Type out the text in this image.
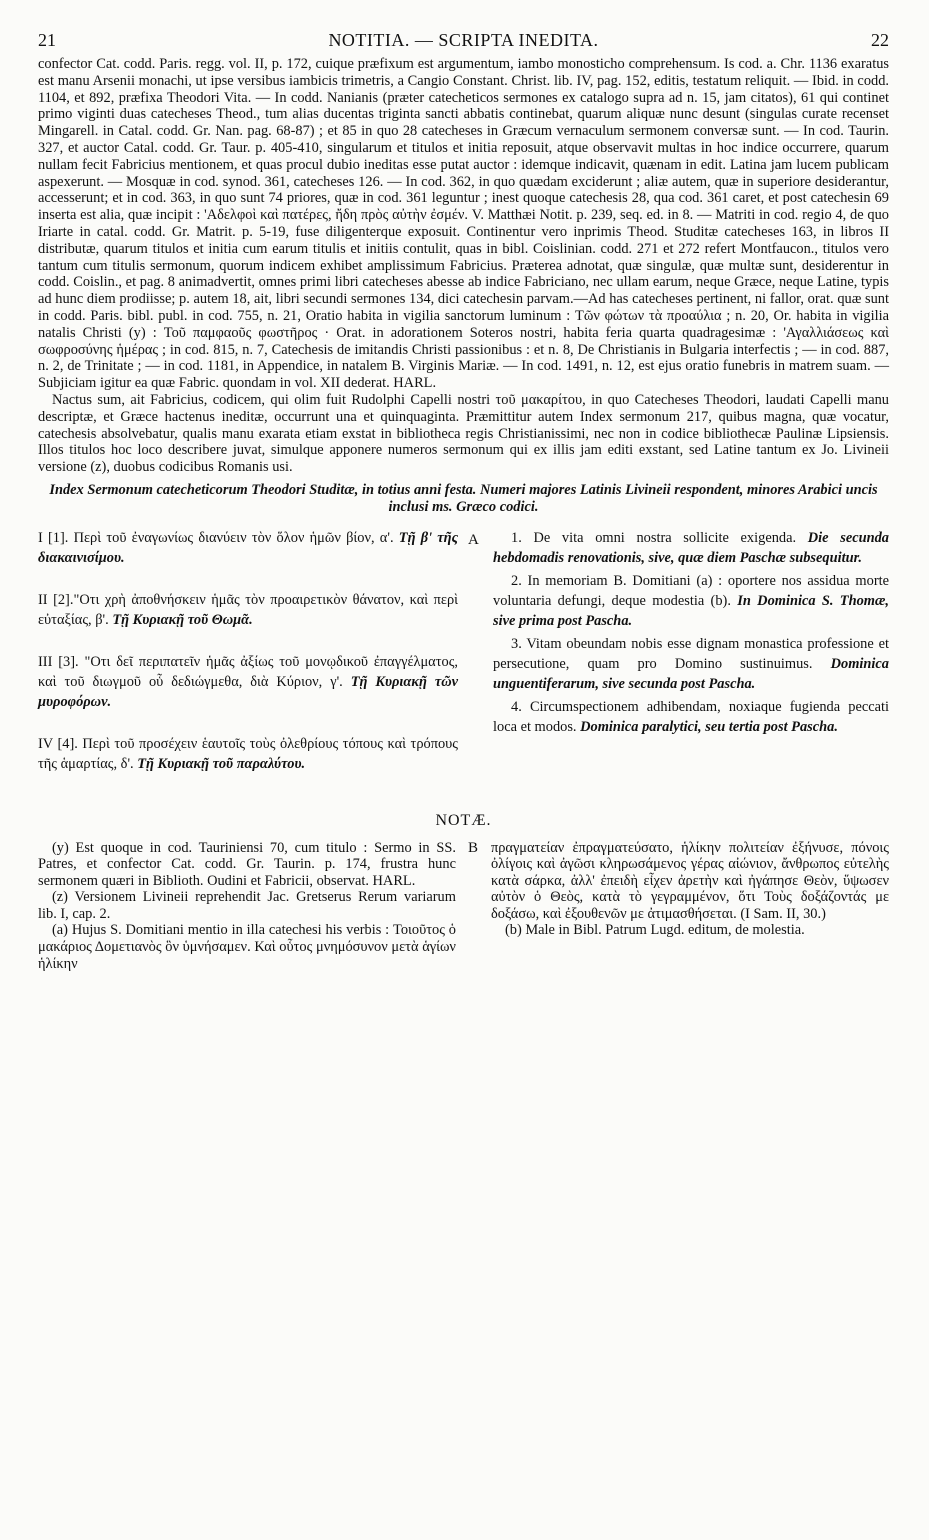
21	NOTITIA. — SCRIPTA INEDITA.	22

confector Cat. codd. Paris. regg. vol. II, p. 172, cuique præfixum est argumentum, iambo monosticho comprehensum. Is cod. a. Chr. 1136 exaratus est manu Arsenii monachi, ut ipse versibus iambicis trimetris, a Cangio Constant. Christ. lib. IV, pag. 152, editis, testatum reliquit. — Ibid. in codd. 1104, et 892, præfixa Theodori Vita. — In codd. Nanianis (præter catecheticos sermones ex catalogo supra ad n. 15, jam citatos), 61 qui continet primo viginti duas catecheses Theod., tum alias ducentas triginta sancti abbatis continebat, quarum aliquæ nunc desunt (singulas curate recenset Mingarell. in Catal. codd. Gr. Nan. pag. 68-87) ; et 85 in quo 28 catecheses in Græcum vernaculum sermonem conversæ sunt. — In cod. Taurin. 327, et auctor Catal. codd. Gr. Taur. p. 405-410, singularum et titulos et initia reposuit, atque observavit multas in hoc indice occurrere, quarum nullam fecit Fabricius mentionem, et quas procul dubio ineditas esse putat auctor : idemque indicavit, quænam in edit. Latina jam lucem publicam aspexerunt. — Mosquæ in cod. synod. 361, catecheses 126. — In cod. 362, in quo quædam exciderunt ; aliæ autem, quæ in superiore desiderantur, accesserunt; et in cod. 363, in quo sunt 74 priores, quæ in cod. 361 leguntur ; inest quoque catechesis 28, qua cod. 361 caret, et post catechesin 69 inserta est alia, quæ incipit : 'Αδελφοὶ καὶ πατέρες, ἤδη πρὸς αὐτὴν ἐσμέν. V. Matthæi Notit. p. 239, seq. ed. in 8. — Matriti in cod. regio 4, de quo Iriarte in catal. codd. Gr. Matrit. p. 5-19, fuse diligenterque exposuit. Continentur vero inprimis Theod. Studitæ catecheses 163, in libros II distributæ, quarum titulos et initia cum earum titulis et initiis contulit, quas in bibl. Coislinian. codd. 271 et 272 refert Montfaucon., titulos vero tantum cum titulis sermonum, quorum indicem exhibet amplissimum Fabricius. Præterea adnotat, quæ singulæ, quæ multæ sunt, desiderentur in codd. Coislin., et pag. 8 animadvertit, omnes primi libri catecheses abesse ab indice Fabriciano, nec ullam earum, neque Græce, neque Latine, typis ad hunc diem prodiisse; p. autem 18, ait, libri secundi sermones 134, dici catechesin parvam.—Ad has catecheses pertinent, ni fallor, orat. quæ sunt in codd. Paris. bibl. publ. in cod. 755, n. 21, Oratio habita in vigilia sanctorum luminum : Τῶν φώτων τὰ προαύλια ; n. 20, Or. habita in vigilia natalis Christi (y) : Τοῦ παμφαοῦς φωστῆρος · Orat. in adorationem Soteros nostri, habita feria quarta quadragesimæ : 'Αγαλλιάσεως καὶ σωφροσύνης ἡμέρας ; in cod. 815, n. 7, Catechesis de imitandis Christi passionibus : et n. 8, De Christianis in Bulgaria interfectis ; — in cod. 887, n. 2, de Trinitate ; — in cod. 1181, in Appendice, in natalem B. Virginis Mariæ. — In cod. 1491, n. 12, est ejus oratio funebris in matrem suam. — Subjiciam igitur ea quæ Fabric. quondam in vol. XII dederat. HARL.

Nactus sum, ait Fabricius, codicem, qui olim fuit Rudolphi Capelli nostri τοῦ μακαρίτου, in quo Catecheses Theodori, laudati Capelli manu descriptæ, et Græce hactenus ineditæ, occurrunt una et quinquaginta. Præmittitur autem Index sermonum 217, quibus magna, quæ vocatur, catechesis absolvebatur, qualis manu exarata etiam exstat in bibliotheca regis Christianissimi, nec non in codice bibliothecæ Paulinæ Lipsiensis. Illos titulos hoc loco describere juvat, simulque apponere numeros sermonum qui ex illis jam editi exstant, sed Latine tantum ex Jo. Livineii versione (z), duobus codicibus Romanis usi.

Index Sermonum catecheticorum Theodori Studitæ, in totius anni festa. Numeri majores Latinis Livineii respondent, minores Arabici uncis inclusi ms. Græco codici.
A

I [1]. Περὶ τοῦ ἐναγωνίως διανύειν τὸν ὅλον ἡμῶν βίον, α'. Τῇ β' τῆς διακαινισίμου.

II [2]."Οτι χρὴ ἀποθνήσκειν ἡμᾶς τὸν προαιρετικὸν θάνατον, καὶ περὶ εὐταξίας, β'. Τῇ Κυριακῇ τοῦ Θωμᾶ.

III [3]. "Οτι δεῖ περιπατεῖν ἡμᾶς ἀξίως τοῦ μονῳδικοῦ ἐπαγγέλματος, καὶ τοῦ διωγμοῦ οὗ δεδιώγμεθα, διὰ Κύριον, γ'. Τῇ Κυριακῇ τῶν μυροφόρων.

IV [4]. Περὶ τοῦ προσέχειν ἑαυτοῖς τοὺς ὀλεθρίους τόπους καὶ τρόπους τῆς ἁμαρτίας, δ'. Τῇ Κυριακῇ τοῦ παραλύτου.

1. De vita omni nostra sollicite exigenda. Die secunda hebdomadis renovationis, sive, quæ diem Paschæ subsequitur.

2. In memoriam B. Domitiani (a) : oportere nos assidua morte voluntaria defungi, deque modestia (b). In Dominica S. Thomæ, sive prima post Pascha.

3. Vitam obeundam nobis esse dignam monastica professione et persecutione, quam pro Domino sustinuimus. Dominica unguentiferarum, sive secunda post Pascha.

4. Circumspectionem adhibendam, noxiaque fugienda peccati loca et modos. Dominica paralytici, seu tertia post Pascha.

NOTÆ.
B

(y) Est quoque in cod. Tauriniensi 70, cum titulo : Sermo in SS. Patres, et confector Cat. codd. Gr. Taurin. p. 174, frustra hunc sermonem quæri in Biblioth. Oudini et Fabricii, observat. HARL.

(z) Versionem Livineii reprehendit Jac. Gretserus Rerum variarum lib. I, cap. 2.

(a) Hujus S. Domitiani mentio in illa catechesi his verbis : Τοιοῦτος ὁ μακάριος Δομετιανὸς ὃν ὑμνήσαμεν. Καὶ οὗτος μνημόσυνον μετὰ ἁγίων ἡλίκην

πραγματείαν ἐπραγματεύσατο, ἡλίκην πολιτείαν ἐξήνυσε, πόνοις ὀλίγοις καὶ ἀγῶσι κληρωσάμενος γέρας αἰώνιον, ἄνθρωπος εὐτελὴς κατὰ σάρκα, ἀλλ' ἐπειδὴ εἶχεν ἀρετὴν καὶ ἠγάπησε Θεὸν, ὕψωσεν αὐτὸν ὁ Θεὸς, κατὰ τὸ γεγραμμένον, ὅτι Τοὺς δοξάζοντάς με δοξάσω, καὶ ἐξουθενῶν με ἀτιμασθήσεται. (I Sam. II, 30.)

(b) Male in Bibl. Patrum Lugd. editum, de molestia.
